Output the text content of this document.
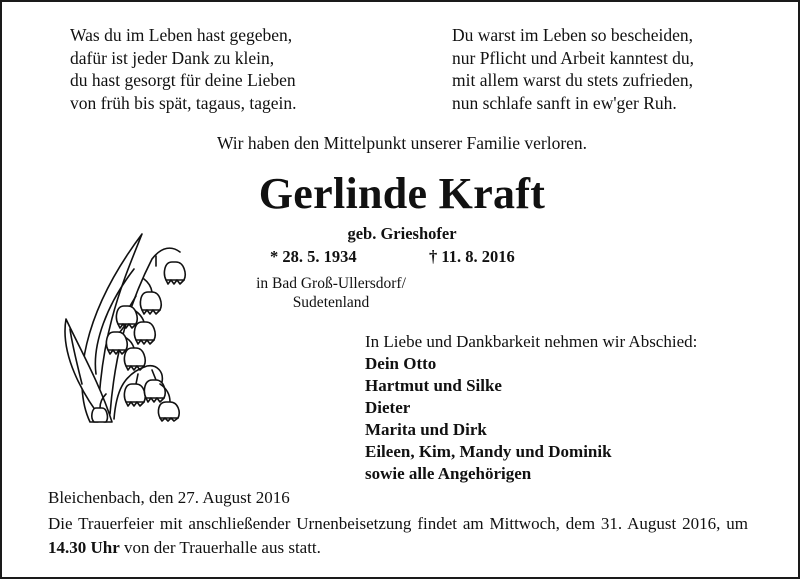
Was du im Leben hast gegeben,
dafür ist jeder Dank zu klein,
du hast gesorgt für deine Lieben
von früh bis spät, tagaus, tagein.
Du warst im Leben so bescheiden,
nur Pflicht und Arbeit kanntest du,
mit allem warst du stets zufrieden,
nun schlafe sanft in ew'ger Ruh.
Wir haben den Mittelpunkt unserer Familie verloren.
Gerlinde Kraft
geb. Grieshofer
* 28. 5. 1934	† 11. 8. 2016
in Bad Groß-Ullersdorf/
Sudetenland
In Liebe und Dankbarkeit nehmen wir Abschied:
Dein Otto
Hartmut und Silke
Dieter
Marita und Dirk
Eileen, Kim, Mandy und Dominik
sowie alle Angehörigen
Bleichenbach, den 27. August 2016
Die Trauerfeier mit anschließender Urnenbeisetzung findet am Mittwoch, dem 31. August 2016, um 14.30 Uhr von der Trauerhalle aus statt.
